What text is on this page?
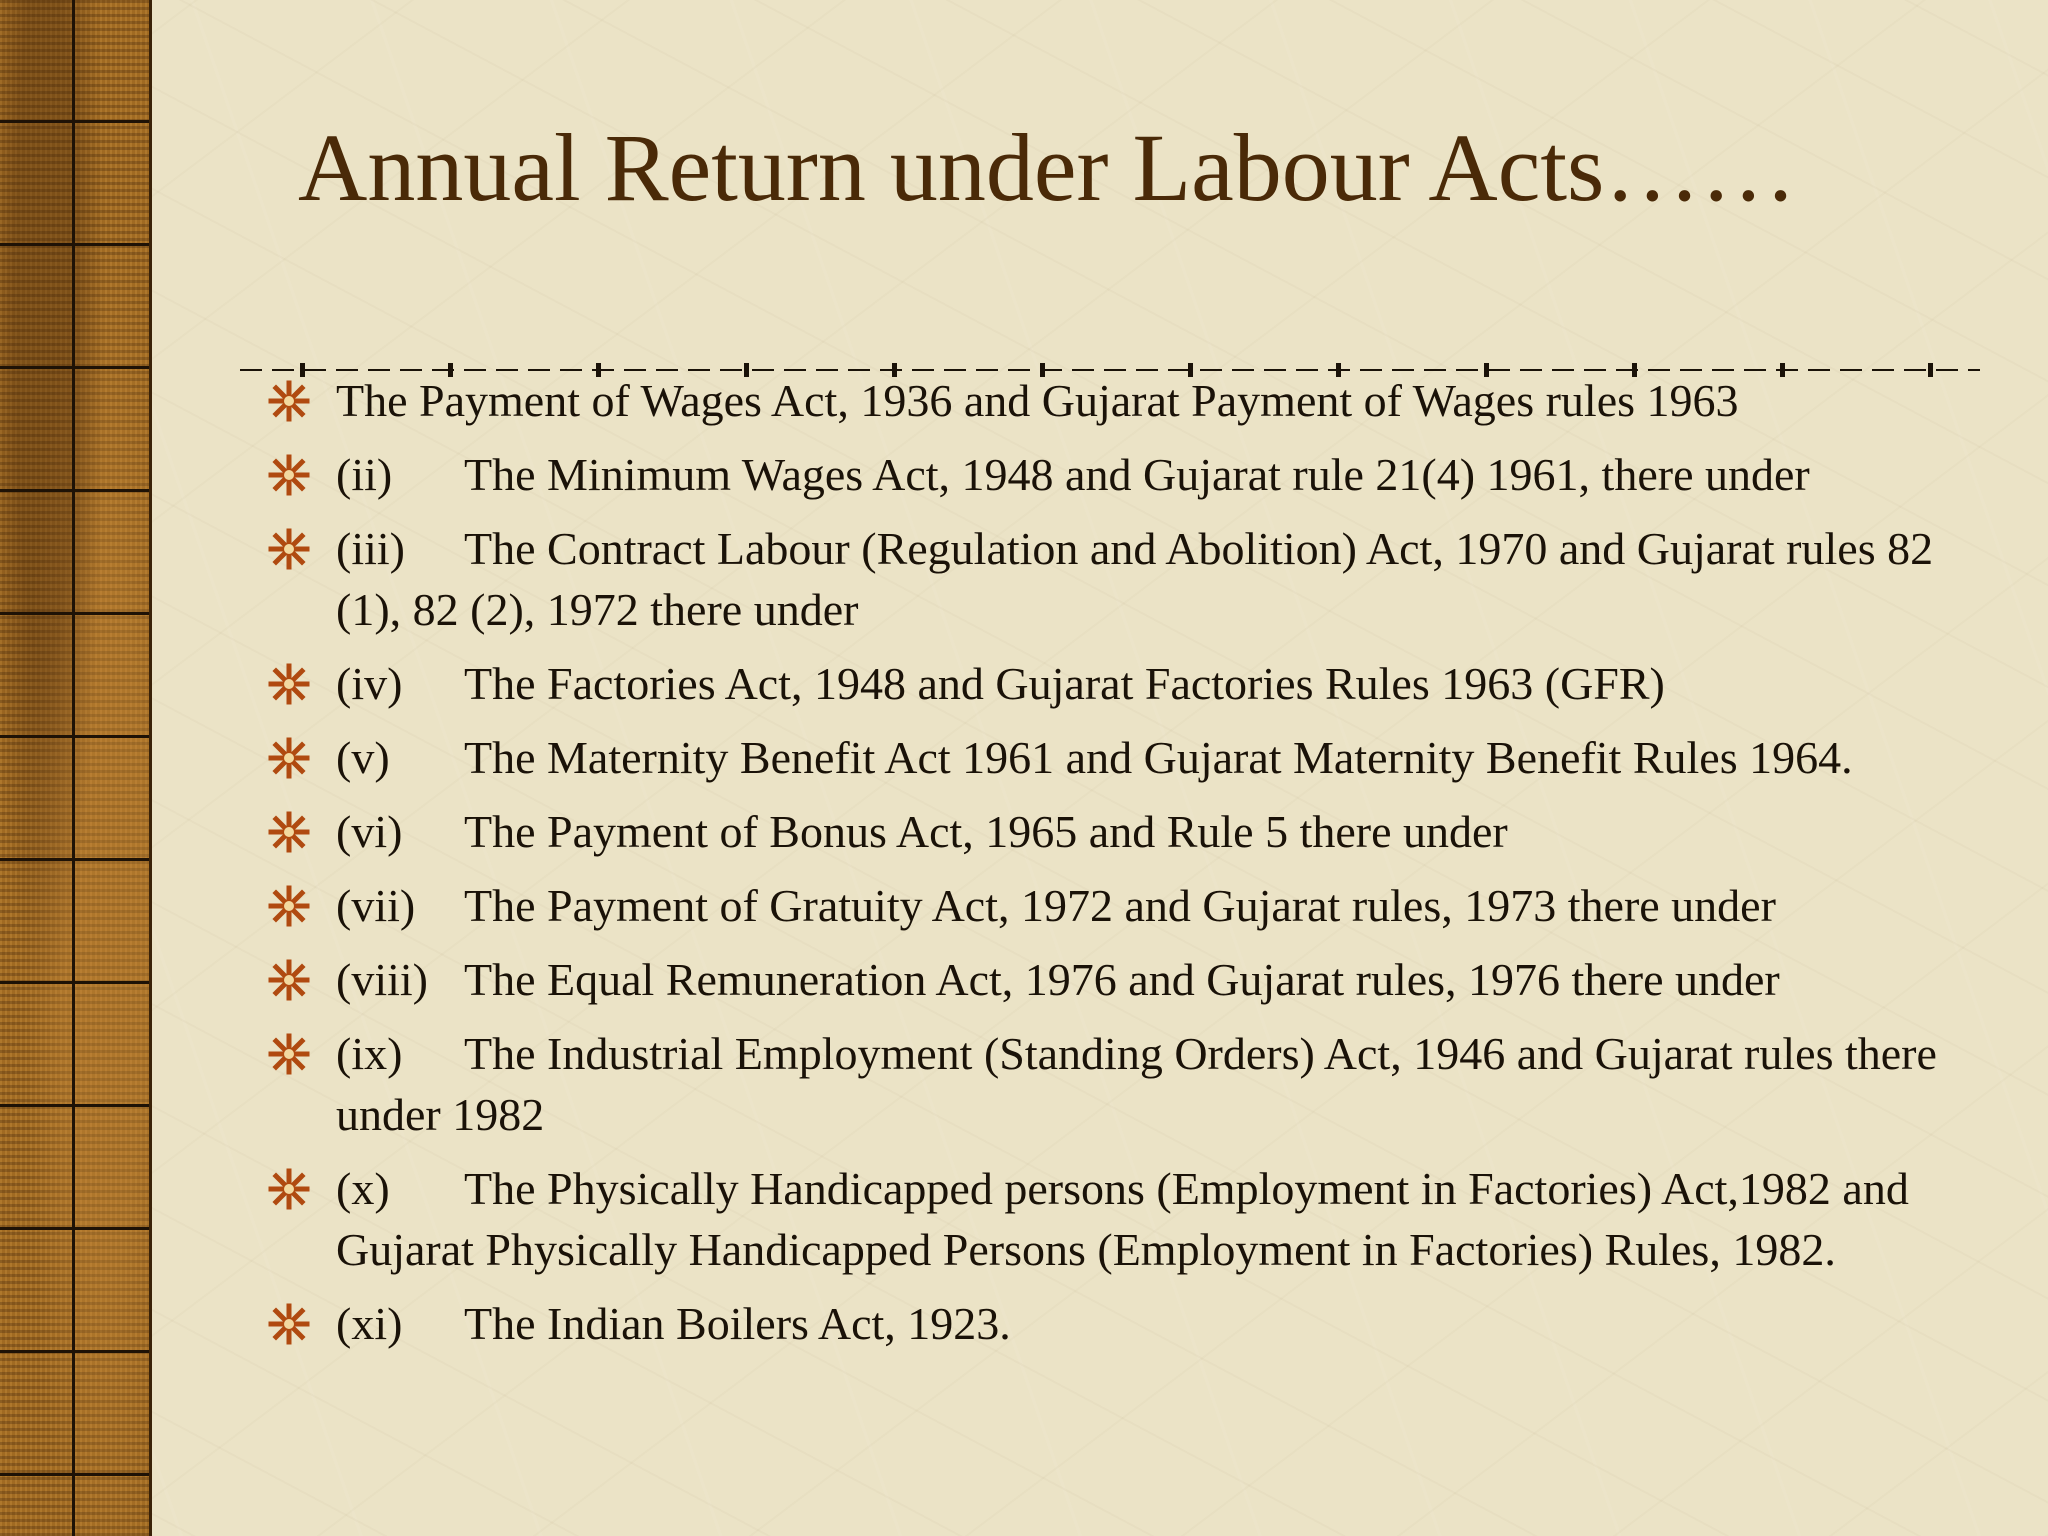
Annual Return under Labour Acts……
The Payment of Wages Act, 1936 and Gujarat Payment of Wages rules 1963
(ii) The Minimum Wages Act, 1948 and Gujarat rule 21(4) 1961, there under
(iii) The Contract Labour (Regulation and Abolition) Act, 1970 and Gujarat rules 82 (1), 82 (2), 1972 there under
(iv) The Factories Act, 1948 and Gujarat Factories Rules 1963 (GFR)
(v) The Maternity Benefit Act 1961 and Gujarat Maternity Benefit Rules 1964.
(vi) The Payment of Bonus Act, 1965 and Rule 5 there under
(vii) The Payment of Gratuity Act, 1972 and Gujarat rules, 1973 there under
(viii) The Equal Remuneration Act, 1976 and Gujarat rules, 1976 there under
(ix) The Industrial Employment (Standing Orders) Act, 1946 and Gujarat rules there under 1982
(x) The Physically Handicapped persons (Employment in Factories) Act,1982 and Gujarat Physically Handicapped Persons (Employment in Factories) Rules, 1982.
(xi) The Indian Boilers Act, 1923.
